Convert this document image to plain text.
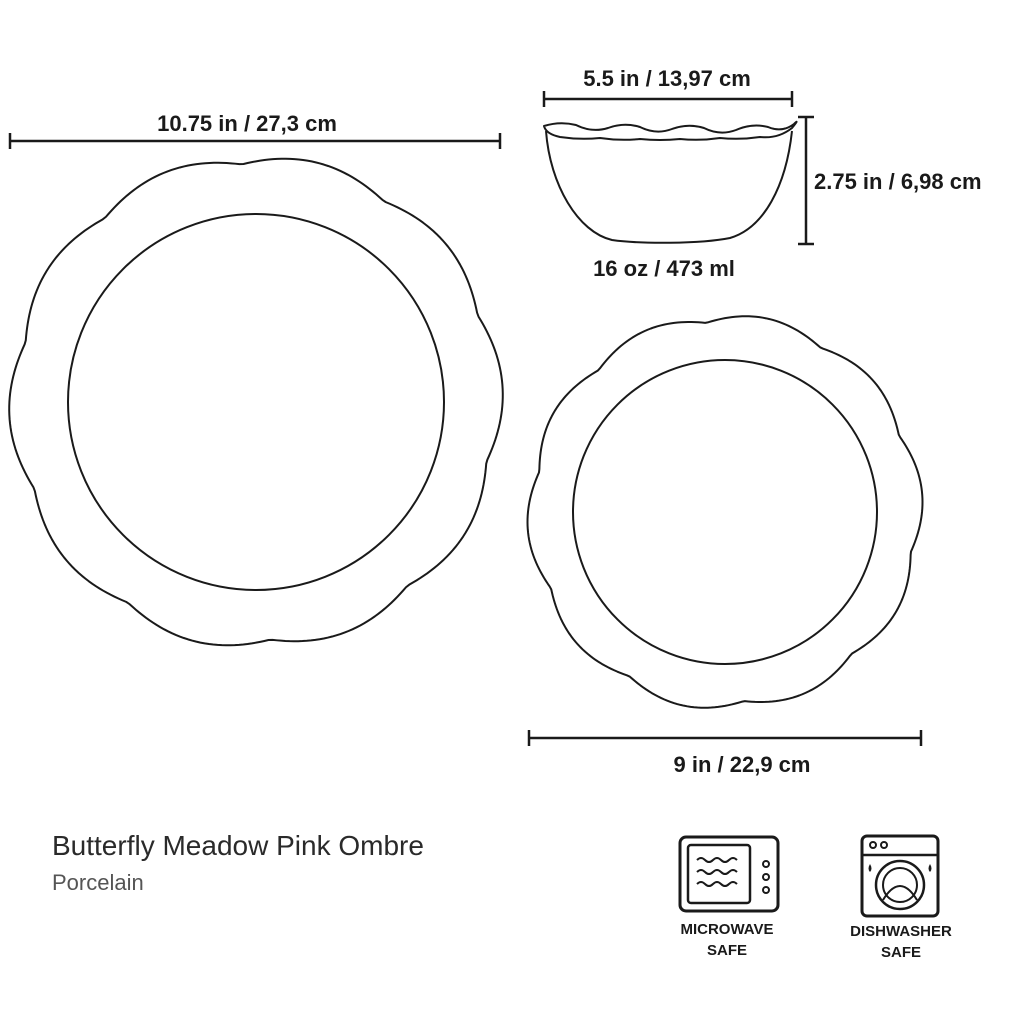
10.75 in / 27,3 cm
5.5 in / 13,97 cm
2.75 in / 6,98 cm
16 oz / 473 ml
9 in / 22,9 cm
MICROWAVE
SAFE
DISHWASHER
SAFE
Butterfly Meadow Pink Ombre
Porcelain
